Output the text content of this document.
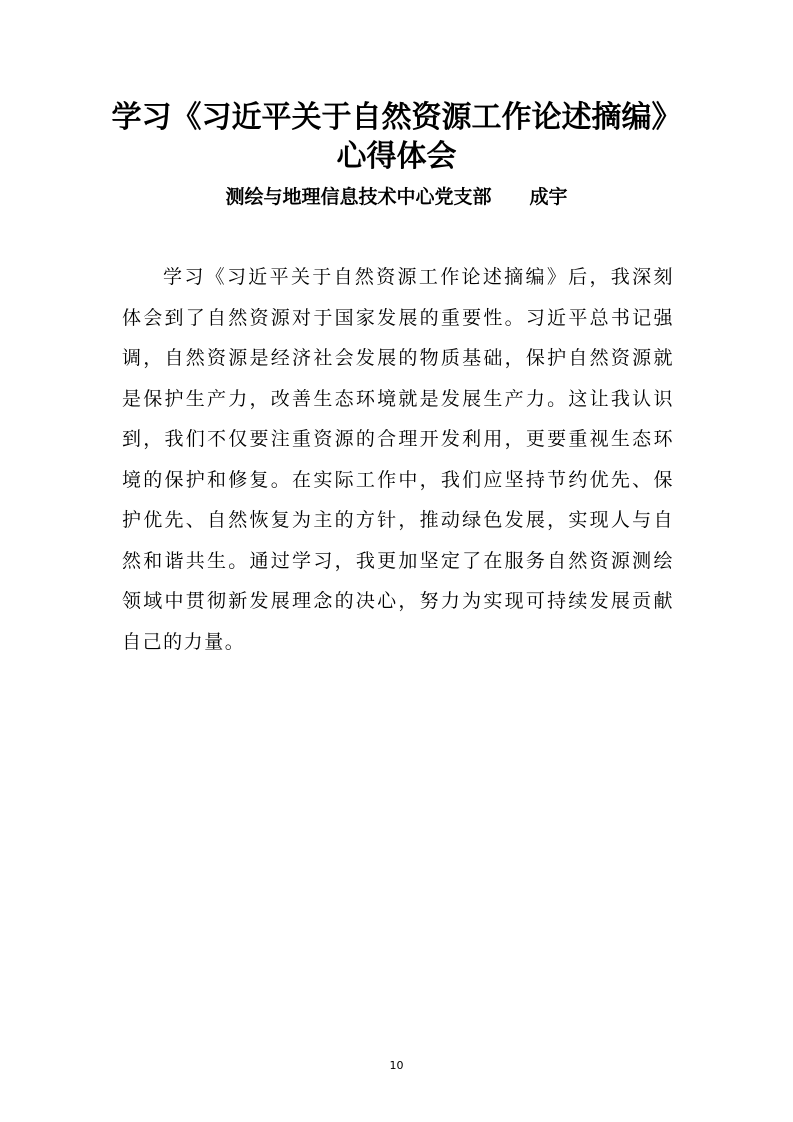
学习《习近平关于自然资源工作论述摘编》
心得体会

测绘与地理信息技术中心党支部 成宇

学习《习近平关于自然资源工作论述摘编》后，我深刻体会到了自然资源对于国家发展的重要性。习近平总书记强调，自然资源是经济社会发展的物质基础，保护自然资源就是保护生产力，改善生态环境就是发展生产力。这让我认识到，我们不仅要注重资源的合理开发利用，更要重视生态环境的保护和修复。在实际工作中，我们应坚持节约优先、保护优先、自然恢复为主的方针，推动绿色发展，实现人与自然和谐共生。通过学习，我更加坚定了在服务自然资源测绘领域中贯彻新发展理念的决心，努力为实现可持续发展贡献自己的力量。

10
